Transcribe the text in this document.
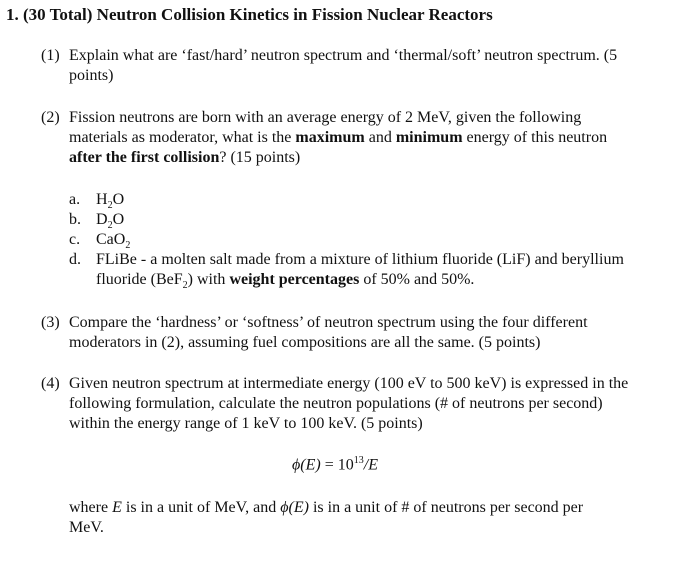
1. (30 Total) Neutron Collision Kinetics in Fission Nuclear Reactors
(1) Explain what are ‘fast/hard’ neutron spectrum and ‘thermal/soft’ neutron spectrum. (5
points)
(2) Fission neutrons are born with an average energy of 2 MeV, given the following
materials as moderator, what is the maximum and minimum energy of this neutron
after the first collision? (15 points)
a. $H_2O$
b. $D_2O$
c. CaO$_2$
d. FLiBe - a molten salt made from a mixture of lithium fluoride (LiF) and beryllium
fluoride (BeF$_2$) with weight percentages of 50% and 50%.
(3) Compare the ‘hardness’ or ‘softness’ of neutron spectrum using the four different
moderators in (2), assuming fuel compositions are all the same. (5 points)
(4) Given neutron spectrum at intermediate energy (100 eV to 500 keV) is expressed in the
following formulation, calculate the neutron populations (# of neutrons per second)
within the energy range of 1 keV to 100 keV. (5 points)
$\phi(E) = 10^{13}/E$
where E is in a unit of MeV, and ϕ(E) is in a unit of # of neutrons per second per
MeV.
